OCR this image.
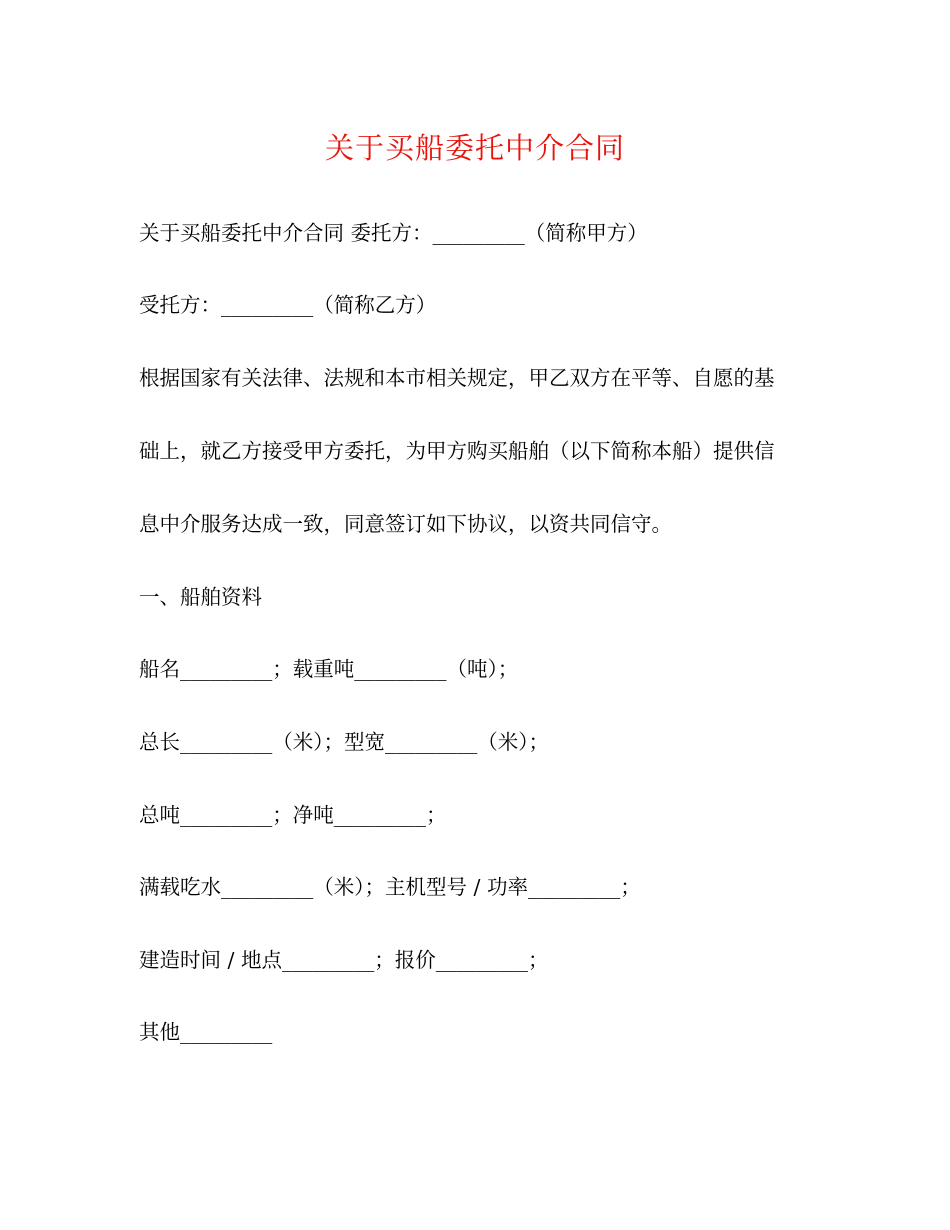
关于买船委托中介合同
关于买船委托中介合同 委托方：_________（简称甲方）
受托方：_________（简称乙方）
根据国家有关法律、法规和本市相关规定，甲乙双方在平等、自愿的基
础上，就乙方接受甲方委托，为甲方购买船舶（以下简称本船）提供信
息中介服务达成一致，同意签订如下协议，以资共同信守。
一、船舶资料
船名_________；载重吨_________（吨）；
总长_________（米）；型宽_________（米）；
总吨_________；净吨_________；
满载吃水_________（米）；主机型号 / 功率_________；
建造时间 / 地点_________；报价_________；
其他_________
